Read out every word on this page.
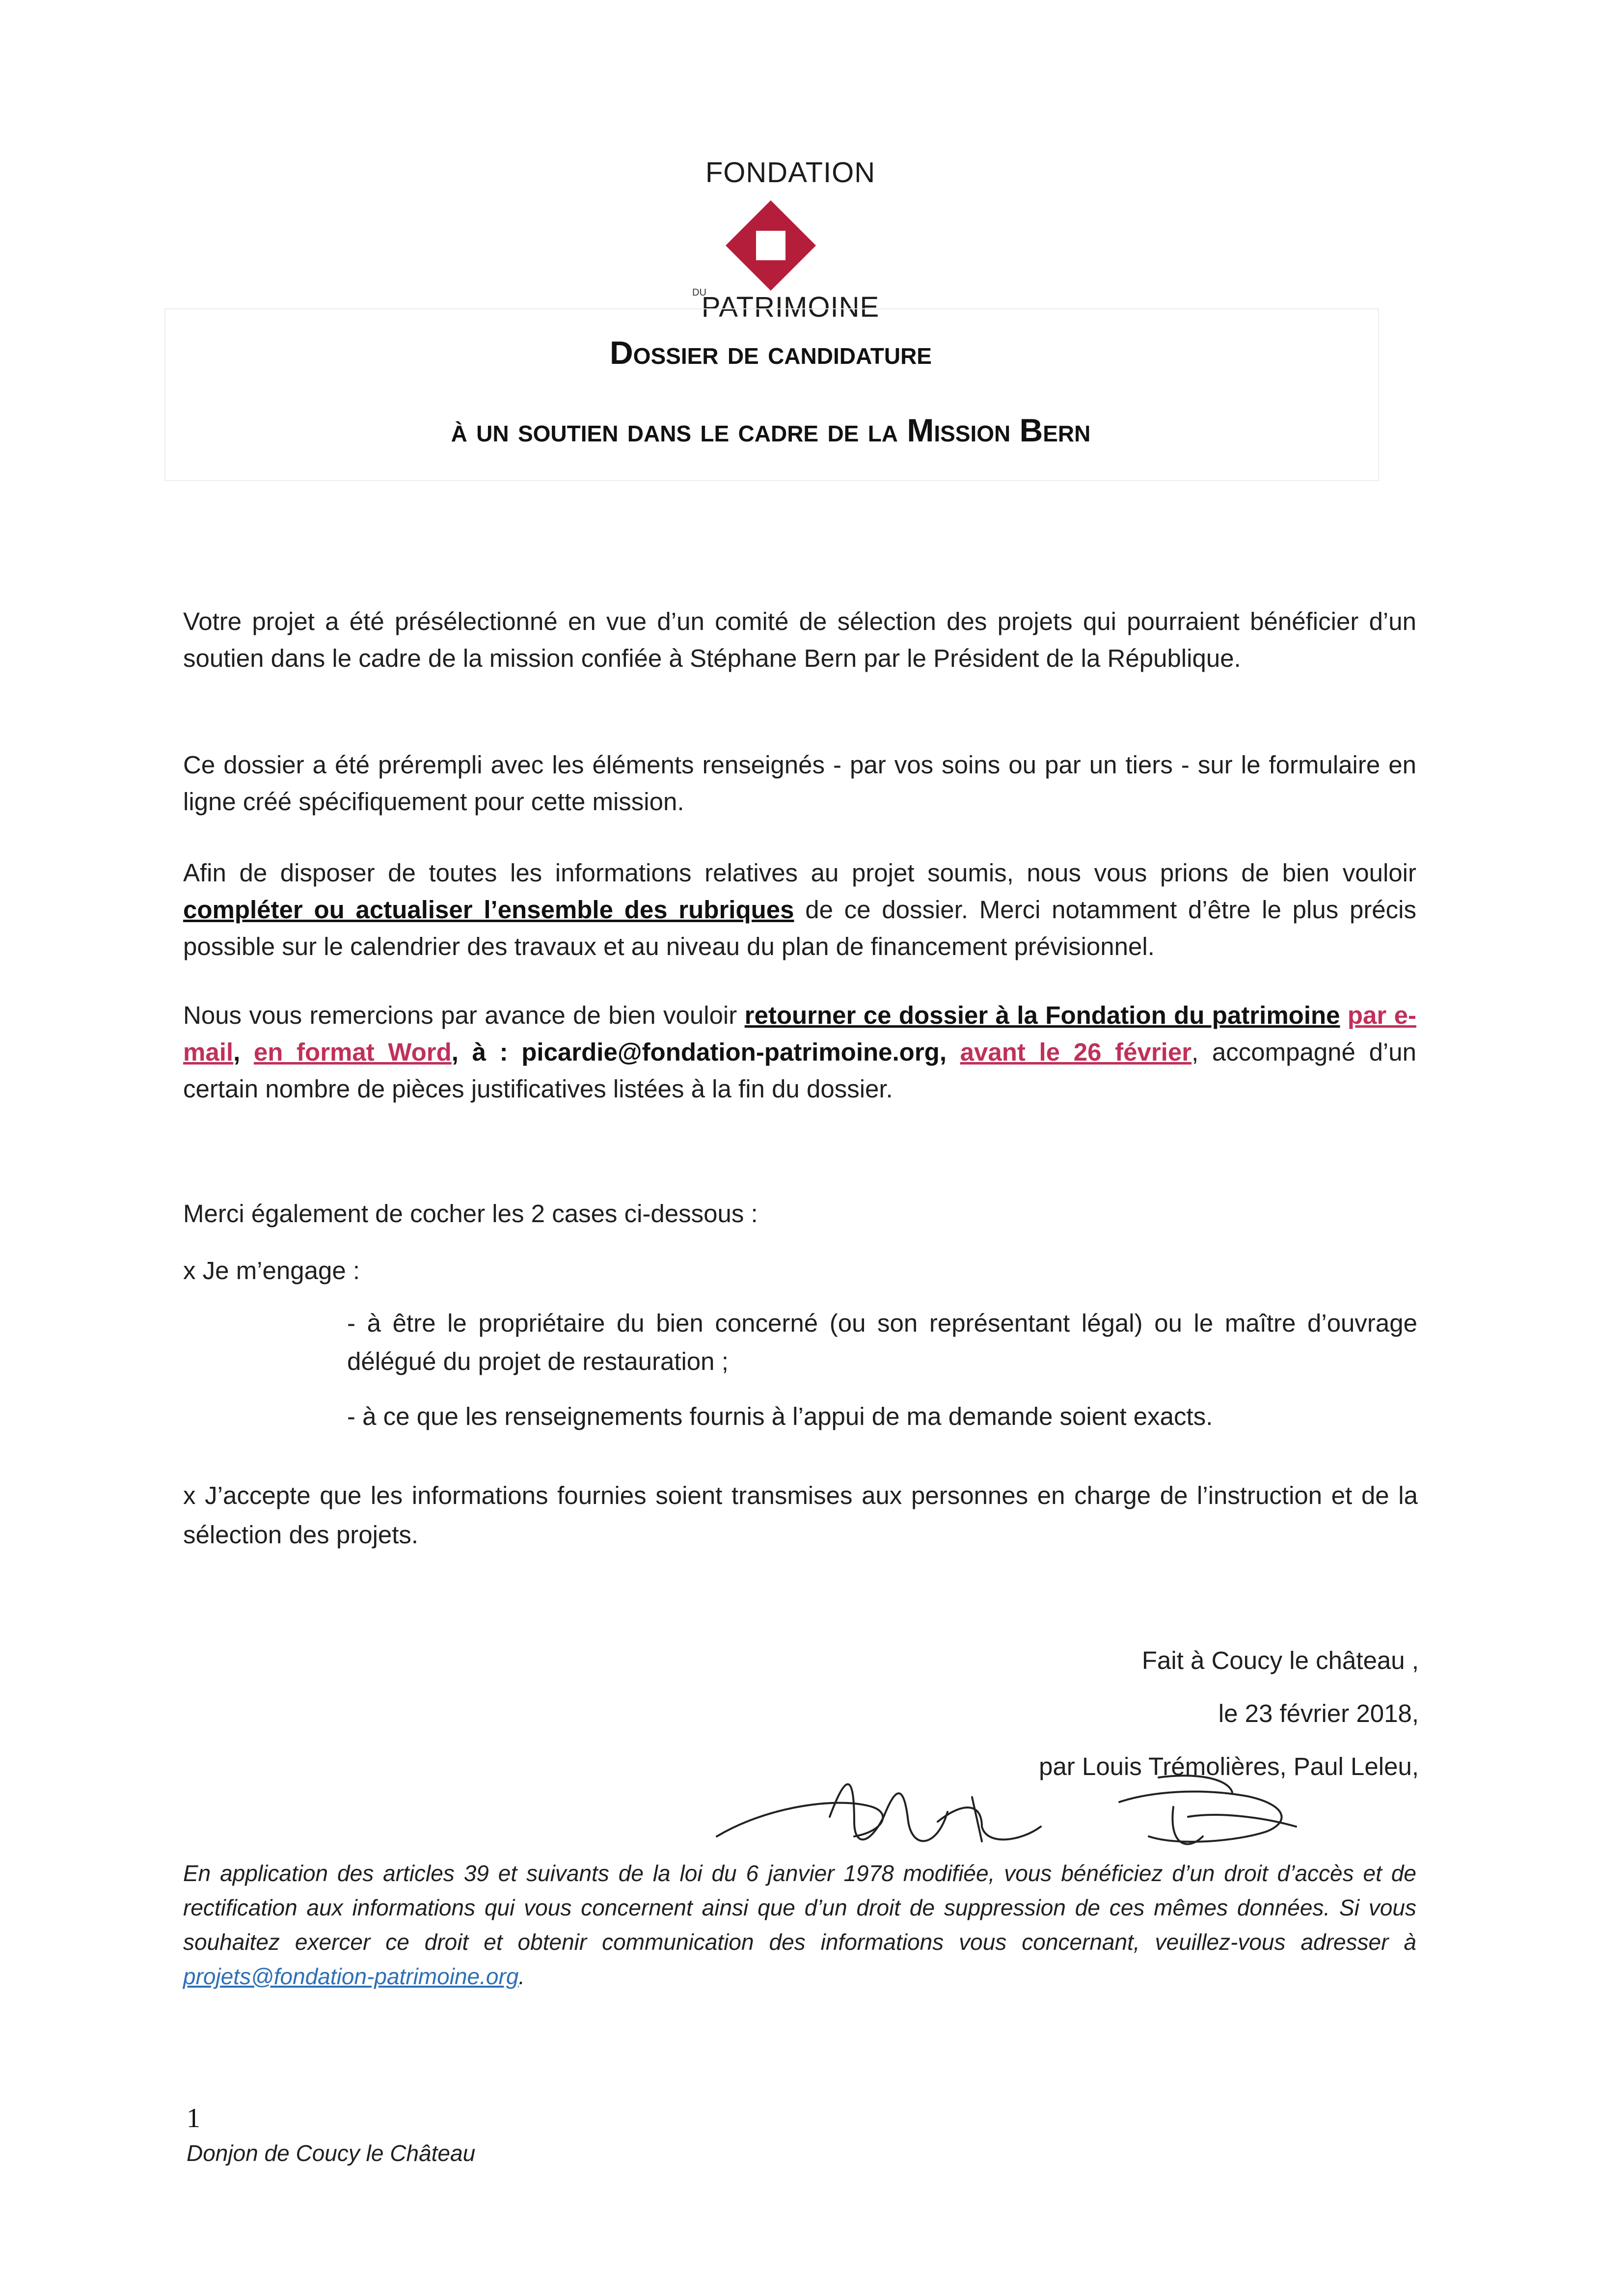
FONDATION
DU
PATRIMOINE
Dossier de candidature
à un soutien dans le cadre de la Mission Bern
Votre projet a été présélectionné en vue d’un comité de sélection des projets qui pourraient bénéficier d’un soutien dans le cadre de la mission confiée à Stéphane Bern par le Président de la République.
Ce dossier a été prérempli avec les éléments renseignés - par vos soins ou par un tiers - sur le formulaire en ligne créé spécifiquement pour cette mission.
Afin de disposer de toutes les informations relatives au projet soumis, nous vous prions de bien vouloir compléter ou actualiser l’ensemble des rubriques de ce dossier. Merci notamment d’être le plus précis possible sur le calendrier des travaux et au niveau du plan de financement prévisionnel.
Nous vous remercions par avance de bien vouloir retourner ce dossier à la Fondation du patrimoine par e-mail, en format Word, à : picardie@fondation-patrimoine.org, avant le 26 février, accompagné d’un certain nombre de pièces justificatives listées à la fin du dossier.
Merci également de cocher les 2 cases ci-dessous :
x Je m’engage :
- à être le propriétaire du bien concerné (ou son représentant légal) ou le maître d’ouvrage délégué du projet de restauration ;
- à ce que les renseignements fournis à l’appui de ma demande soient exacts.
x J’accepte que les informations fournies soient transmises aux personnes en charge de l’instruction et de la sélection des projets.
Fait à Coucy le château ,
le 23 février 2018,
par Louis Trémolières, Paul Leleu,
En application des articles 39 et suivants de la loi du 6 janvier 1978 modifiée, vous bénéficiez d’un droit d’accès et de rectification aux informations qui vous concernent ainsi que d’un droit de suppression de ces mêmes données. Si vous souhaitez exercer ce droit et obtenir communication des informations vous concernant, veuillez-vous adresser à projets@fondation-patrimoine.org.
1
Donjon de Coucy le Château
